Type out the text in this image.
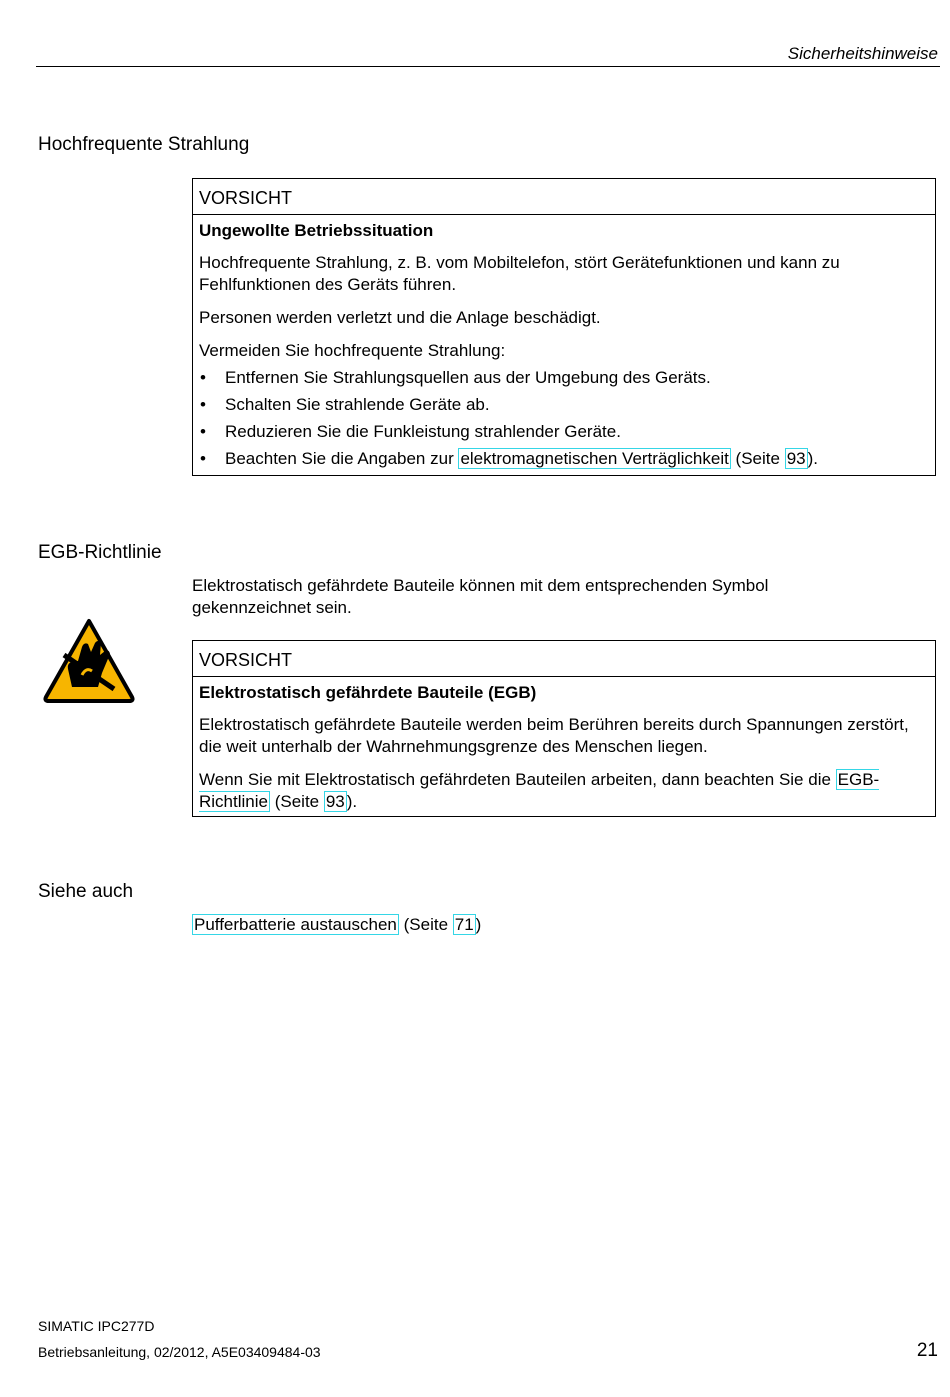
Sicherheitshinweise
Hochfrequente Strahlung
VORSICHT

Ungewollte Betriebssituation

Hochfrequente Strahlung, z. B. vom Mobiltelefon, stört Gerätefunktionen und kann zu Fehlfunktionen des Geräts führen.

Personen werden verletzt und die Anlage beschädigt.

Vermeiden Sie hochfrequente Strahlung:

• Entfernen Sie Strahlungsquellen aus der Umgebung des Geräts.
• Schalten Sie strahlende Geräte ab.
• Reduzieren Sie die Funkleistung strahlender Geräte.
• Beachten Sie die Angaben zur elektromagnetischen Verträglichkeit (Seite 93 ).
EGB-Richtlinie
Elektrostatisch gefährdete Bauteile können mit dem entsprechenden Symbol gekennzeichnet sein.
VORSICHT

Elektrostatisch gefährdete Bauteile (EGB)

Elektrostatisch gefährdete Bauteile werden beim Berühren bereits durch Spannungen zerstört, die weit unterhalb der Wahrnehmungsgrenze des Menschen liegen.

Wenn Sie mit Elektrostatisch gefährdeten Bauteilen arbeiten, dann beachten Sie die EGB-Richtlinie (Seite 93 ).

Siehe auch
Pufferbatterie austauschen (Seite 71 )
SIMATIC IPC277D
Betriebsanleitung, 02/2012, A5E03409484-03	21
